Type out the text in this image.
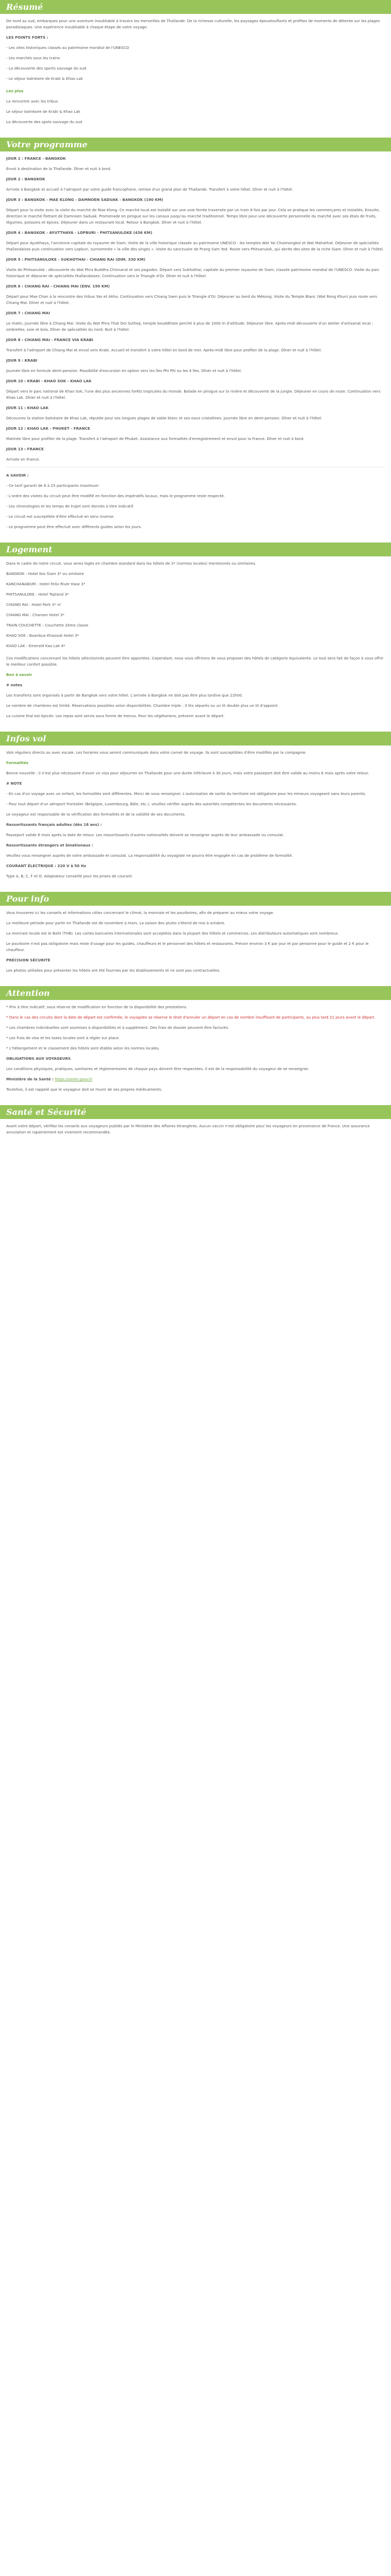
Résumé

De nord au sud, embarquez pour une aventure inoubliable à travers les merveilles de Thaïlande. De la richesse culturelle, les paysages époustouflants et profitez de moments de détente sur les plages paradisiaques. Une expérience inoubliable à chaque étape de votre voyage.

LES POINTS FORTS :

- Les sites historiques classés au patrimoine mondial de l'UNESCO

- Les marchés sous les trains

- La découverte des sports sauvage du sud

- Le séjour balnéaire de Krabi & Khao Lak

Les plus

La rencontre avec les tribus

Le séjour balnéaire de Krabi & Khao Lak

La découverte des spots sauvage du sud

Votre programme

JOUR 1 : FRANCE - BANGKOK

Envol à destination de la Thaïlande. Dîner et nuit à bord.

JOUR 2 : BANGKOK

Arrivée à Bangkok et accueil à l'aéroport par votre guide francophone, remise d'un grand plan de Thaïlande. Transfert à votre hôtel. Dîner et nuit à l'hôtel.

JOUR 3 : BANGKOK - MAE KLONG - DAMNOEN SADUAK - BANGKOK (190 KM)

Départ pour la visite avec la visite du marché de Mae Klong. Ce marché local est installé sur une voie ferrée traversée par un train 8 fois par jour. Cela se pratique les commerçants et installés. Ensuite, direction le marché flottant de Damnoen Saduak. Promenade en pirogue sur les canaux jusqu'au marché traditionnel. Temps libre pour une découverte personnelle du marché avec ses étals de fruits, légumes, poissons et épices. Déjeuner dans un restaurant local. Retour à Bangkok. Dîner et nuit à l'hôtel.

JOUR 4 : BANGKOK - AYUTTHAYA - LOPBURI - PHITSANULOKE (436 KM)

Départ pour Ayutthaya, l'ancienne capitale du royaume de Siam. Visite de la ville historique classée au patrimoine UNESCO : les temples Wat Yai Chaimongkol et Wat Mahathat. Déjeuner de spécialités thaïlandaises puis continuation vers Lopburi, surnommée « la ville des singes ». Visite du sanctuaire de Prang Sam Yod. Route vers Phitsanulok, qui abrite des sites de la riche Siam. Dîner et nuit à l'hôtel.

JOUR 5 : PHITSANULOKE - SUKHOTHAI - CHIANG RAI (DIM. 330 KM)

Visite de Phitsanulok : découverte du Wat Phra Buddha Chinnarat et ses pagodes. Départ vers Sukhothai, capitale du premier royaume de Siam, classée patrimoine mondial de l'UNESCO. Visite du parc historique et déjeuner de spécialités thaïlandaises. Continuation vers le Triangle d'Or. Dîner et nuit à l'hôtel.

JOUR 6 : CHIANG RAI - CHIANG MAI (ENV. 190 KM)

Départ pour Mae Chan à la rencontre des tribus Yao et Akha. Continuation vers Chiang Saen puis le Triangle d'Or. Déjeuner au bord du Mékong. Visite du Temple Blanc (Wat Rong Khun) puis route vers Chiang Mai. Dîner et nuit à l'hôtel.

JOUR 7 : CHIANG MAI

Le matin, journée libre à Chiang Mai. Visite du Wat Phra That Doi Suthep, temple bouddhiste perché à plus de 1000 m d'altitude. Déjeuner libre. Après-midi découverte d'un atelier d'artisanat local : ombrelles, soie et bois. Dîner de spécialités du nord. Nuit à l'hôtel.

JOUR 8 : CHIANG MAI - FRANCE VIA KRABI

Transfert à l'aéroport de Chiang Mai et envol vers Krabi. Accueil et transfert à votre hôtel en bord de mer. Après-midi libre pour profiter de la plage. Dîner et nuit à l'hôtel.

JOUR 9 : KRABI

Journée libre en formule demi-pension. Possibilité d'excursion en option vers les îles Phi Phi ou les 4 îles. Dîner et nuit à l'hôtel.

JOUR 10 : KRABI - KHAO SOK - KHAO LAK

Départ vers le parc national de Khao Sok, l'une des plus anciennes forêts tropicales du monde. Balade en pirogue sur la rivière et découverte de la jungle. Déjeuner en cours de route. Continuation vers Khao Lak. Dîner et nuit à l'hôtel.

JOUR 11 : KHAO LAK

Découvrez la station balnéaire de Khao Lak, réputée pour ses longues plages de sable blanc et ses eaux cristallines. Journée libre en demi-pension. Dîner et nuit à l'hôtel.

JOUR 12 : KHAO LAK - PHUKET - FRANCE

Matinée libre pour profiter de la plage. Transfert à l'aéroport de Phuket. Assistance aux formalités d'enregistrement et envol pour la France. Dîner et nuit à bord.

JOUR 13 : FRANCE

Arrivée en France.

A SAVOIR :

- Ce tarif garanti de 6 à 25 participants maximum

- L'ordre des visites du circuit peut être modifié en fonction des impératifs locaux, mais le programme reste respecté.

- Les chronologies et les temps de trajet sont donnés à titre indicatif.

- Le circuit est susceptible d'être effectué en sens inverse.

- Le programme peut être effectué avec différents guides selon les jours.

Logement

Dans le cadre de notre circuit, vous serez logés en chambre standard dans les hôtels de 3* (normes locales) mentionnés ou similaires.

BANGKOK : Hotel Ibis Siam 3* ou similaire

KANCHANABURI : Hotel Felix River Kwai 3*

PHITSANULOKE : Hotel Topland 3*

CHIANG RAI : Hotel Park 3* nl

CHIANG MAI : Charoen Hotel 3*

TRAIN COUCHETTE : Couchette 2ème classe

KHAO SOK : Baanbua Khaosok Hotel 3*

KHAO LAK : Emerald Kao Lak 4*

Ces modifications concernant les hôtels sélectionnés peuvent être apportées. Cependant, nous vous offrirons de vous proposer des hôtels de catégorie équivalente. Le tout sera fait de façon à vous offrir le meilleur confort possible.

Bon à savoir

# notes

Les transferts sont organisés à partir de Bangkok vers votre hôtel. L'arrivée à Bangkok ne doit pas être plus tardive que 22h00.

Le nombre de chambres est limité. Réservations possibles selon disponibilités. Chambre triple : 3 lits séparés ou un lit double plus un lit d'appoint.

La cuisine thaï est épicée. Les repas sont servis sous forme de menus. Pour les végétariens, prévenir avant le départ.

Infos vol

Vols réguliers directs ou avec escale. Les horaires vous seront communiqués dans votre carnet de voyage. Ils sont susceptibles d'être modifiés par la compagnie.

Formalités

Bonne nouvelle : il n'est plus nécessaire d'avoir un visa pour séjourner en Thaïlande pour une durée inférieure à 30 jours, mais votre passeport doit être valide au moins 6 mois après votre retour.

# NOTE

- En cas d'un voyage avec un enfant, les formalités sont différentes. Merci de vous renseigner. L'autorisation de sortie du territoire est obligatoire pour les mineurs voyageant sans leurs parents.

- Pour tout départ d'un aéroport frontalier (Belgique, Luxembourg, Bâle, etc.), veuillez vérifier auprès des autorités compétentes les documents nécessaires.

Le voyageur est responsable de la vérification des formalités et de la validité de ses documents.

Ressortissants français adultes (dès 18 ans) :

Passeport valide 6 mois après la date de retour. Les ressortissants d'autres nationalités doivent se renseigner auprès de leur ambassade ou consulat.

Ressortissants étrangers et binationaux :

Veuillez vous renseigner auprès de votre ambassade et consulat. La responsabilité du voyagiste ne pourra être engagée en cas de problème de formalité.

COURANT ÉLECTRIQUE : 220 V à 50 Hz

Type A, B, C, F et O. Adaptateur conseillé pour les prises de courant.

Pour info

Vous trouverez ici les conseils et informations utiles concernant le climat, la monnaie et les pourboires, afin de préparer au mieux votre voyage.

La meilleure période pour partir en Thaïlande est de novembre à mars. La saison des pluies s'étend de mai à octobre.

La monnaie locale est le Baht (THB). Les cartes bancaires internationales sont acceptées dans la plupart des hôtels et commerces. Les distributeurs automatiques sont nombreux.

Le pourboire n'est pas obligatoire mais reste d'usage pour les guides, chauffeurs et le personnel des hôtels et restaurants. Prévoir environ 3 € par jour et par personne pour le guide et 2 € pour le chauffeur.

PRÉCISION SÉCURITÉ

Les photos utilisées pour présenter les hôtels ont été fournies par les établissements et ne sont pas contractuelles.

Attention

* Prix à titre indicatif, sous réserve de modification en fonction de la disponibilité des prestations.

* Dans le cas des circuits dont la date de départ est confirmée, le voyagiste se réserve le droit d'annuler un départ en cas de nombre insuffisant de participants, au plus tard 21 jours avant le départ.

* Les chambres individuelles sont soumises à disponibilités et à supplément. Des frais de dossier peuvent être facturés.

* Les frais de visa et les taxes locales sont à régler sur place.

* L'hébergement et le classement des hôtels sont établis selon les normes locales.

OBLIGATIONS AUX VOYAGEURS

Les conditions physiques, pratiques, sanitaires et réglementaires de chaque pays doivent être respectées. Il est de la responsabilité du voyageur de se renseigner.

Ministère de la Santé : https://sante.gouv.fr

Toutefois, il est rappelé que le voyageur doit se munir de ses propres médicaments.

Santé et Sécurité

Avant votre départ, vérifiez les conseils aux voyageurs publiés par le Ministère des Affaires étrangères. Aucun vaccin n'est obligatoire pour les voyageurs en provenance de France. Une assurance annulation et rapatriement est vivement recommandée.
